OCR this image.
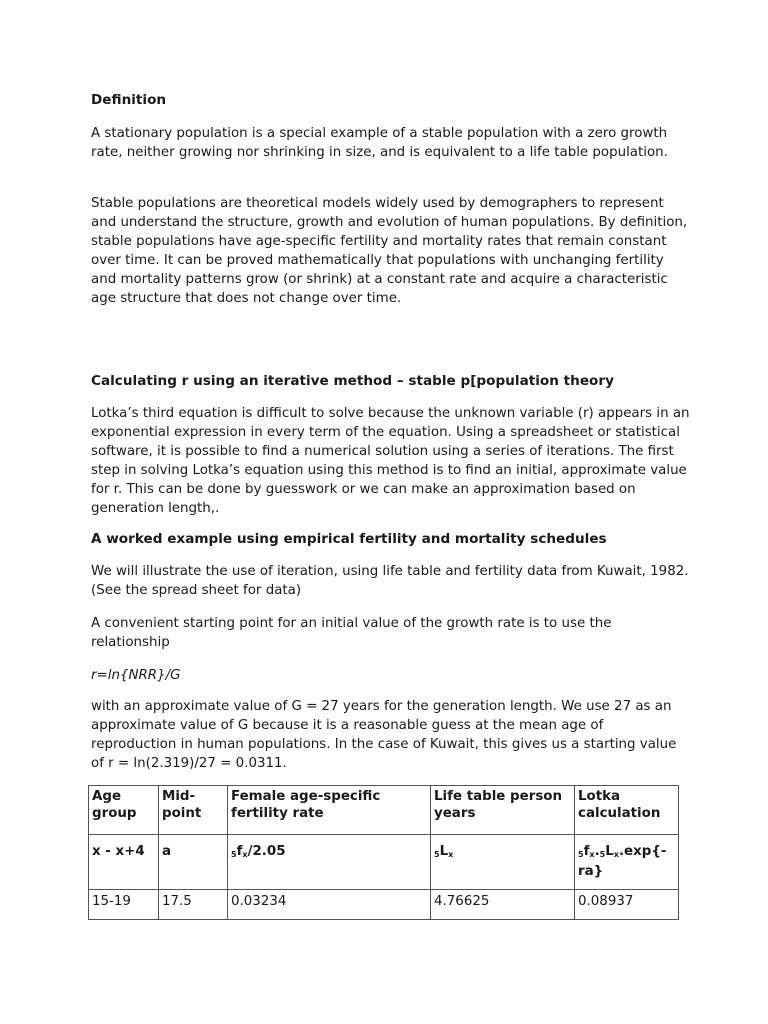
Definition

A stationary population is a special example of a stable population with a zero growth rate, neither growing nor shrinking in size, and is equivalent to a life table population.

Stable populations are theoretical models widely used by demographers to represent and understand the structure, growth and evolution of human populations. By definition, stable populations have age-specific fertility and mortality rates that remain constant over time. It can be proved mathematically that populations with unchanging fertility and mortality patterns grow (or shrink) at a constant rate and acquire a characteristic age structure that does not change over time.

Calculating r using an iterative method – stable p[population theory

Lotka’s third equation is difficult to solve because the unknown variable (r) appears in an exponential expression in every term of the equation. Using a spreadsheet or statistical software, it is possible to find a numerical solution using a series of iterations. The first step in solving Lotka’s equation using this method is to find an initial, approximate value for r. This can be done by guesswork or we can make an approximation based on generation length,.

A worked example using empirical fertility and mortality schedules

We will illustrate the use of iteration, using life table and fertility data from Kuwait, 1982. (See the spread sheet for data)

A convenient starting point for an initial value of the growth rate is to use the relationship

r=ln{NRR}/G

with an approximate value of G = 27 years for the generation length. We use 27 as an approximate value of G because it is a reasonable guess at the mean age of reproduction in human populations. In the case of Kuwait, this gives us a starting value of r = ln(2.319)/27 = 0.0311.

Age group	Mid-point	Female age-specific fertility rate	Life table person years	Lotka calculation
x - x+4	a	$_5f_x/2.05$	$_5L_x$	$_5f_x._5L_x.\exp\{-ra\}$
15-19	17.5	0.03234	4.76625	0.08937
